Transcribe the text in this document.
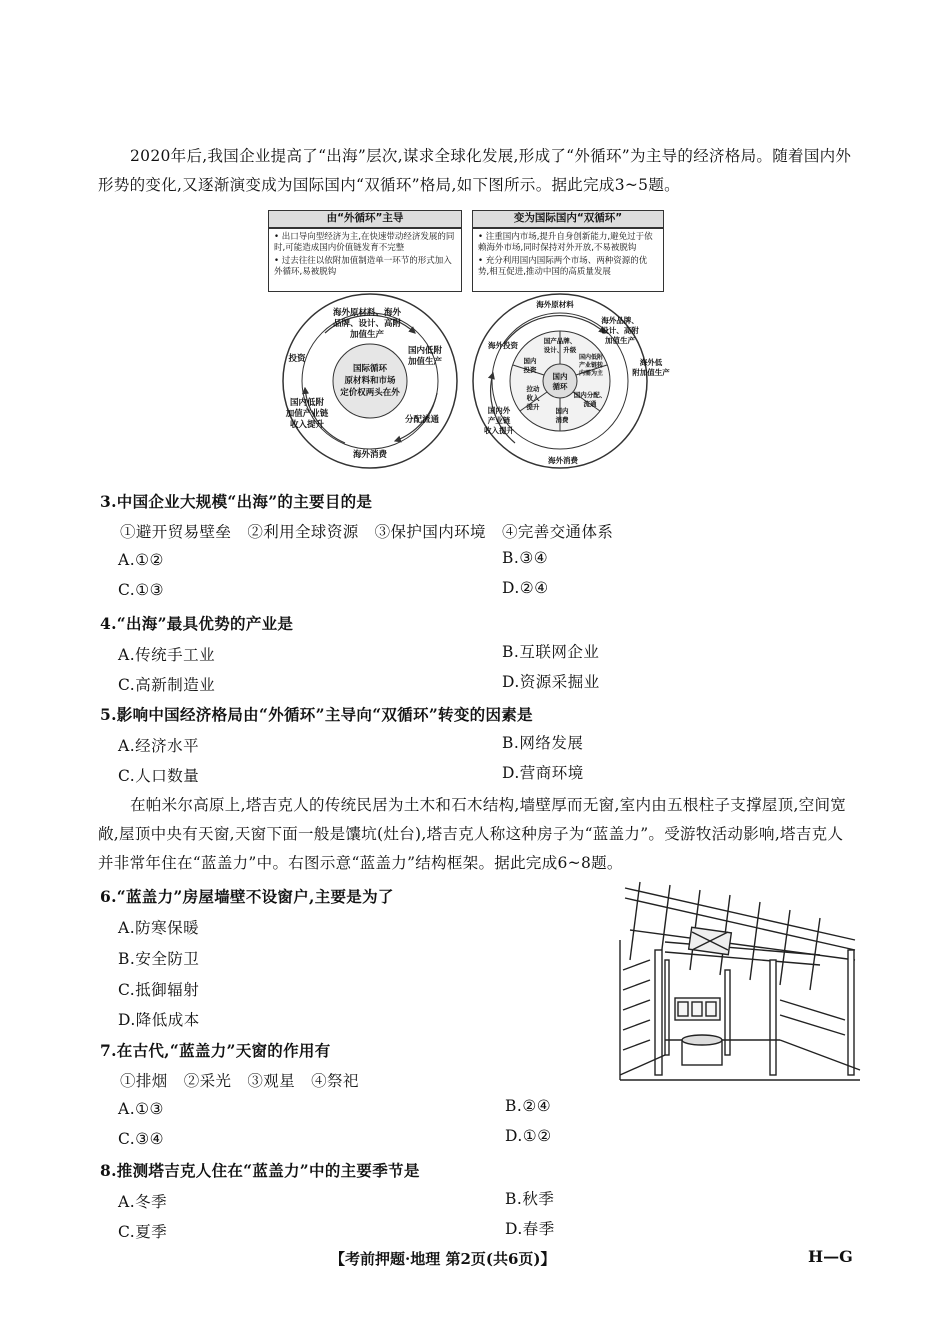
2020年后,我国企业提高了“出海”层次,谋求全球化发展,形成了“外循环”为主导的经济格局。随着国内外形势的变化,又逐渐演变成为国际国内“双循环”格局,如下图所示。据此完成3~5题。
由“外循环”主导	变为国际国内“双循环”

• 出口导向型经济为主,在快速带动经济发展的同时,可能造成国内价值链发育不完整

• 过去往往以依附加值制造单一环节的形式加入外循环,易被脱钩

• 注重国内市场,提升自身创新能力,避免过于依赖海外市场,同时保持对外开放,不易被脱钩

• 充分利用国内国际两个市场、两种资源的优势,相互促进,推动中国的高质量发展

国际循环
原材料和市场
定价权两头在外
海外原材料、海外
品牌、设计、高附
加值生产
国内低附
加值生产
投资
国内低附
加值产业链
收入提升	分配流通
海外消费
海外原材料
海外品牌、
设计、高附
加值生产
海外低
附加值生产
海外投资
国内外
产业链
收入提升
海外消费
国内
循环
国产品牌、
设计、升级
国内
投资
国内低附
产业链转
内需为主
国内分配、
流通
国内
消费
拉动
收入
提升
3.中国企业大规模“出海”的主要目的是
①避开贸易壁垒 ②利用全球资源 ③保护国内环境 ④完善交通体系
A.①②	B.③④
C.①③	D.②④
4.“出海”最具优势的产业是
A.传统手工业	B.互联网企业
C.高新制造业	D.资源采掘业
5.影响中国经济格局由“外循环”主导向“双循环”转变的因素是
A.经济水平	B.网络发展
C.人口数量	D.营商环境
在帕米尔高原上,塔吉克人的传统民居为土木和石木结构,墙壁厚而无窗,室内由五根柱子支撑屋顶,空间宽敞,屋顶中央有天窗,天窗下面一般是馕坑(灶台),塔吉克人称这种房子为“蓝盖力”。受游牧活动影响,塔吉克人并非常年住在“蓝盖力”中。右图示意“蓝盖力”结构框架。据此完成6~8题。
6.“蓝盖力”房屋墙壁不设窗户,主要是为了
A.防寒保暖
B.安全防卫
C.抵御辐射
D.降低成本
7.在古代,“蓝盖力”天窗的作用有
①排烟 ②采光 ③观星 ④祭祀
A.①③	B.②④
C.③④	D.①②
8.推测塔吉克人住在“蓝盖力”中的主要季节是
A.冬季	B.秋季
C.夏季	D.春季
【考前押题·地理 第2页(共6页)】	H—G
